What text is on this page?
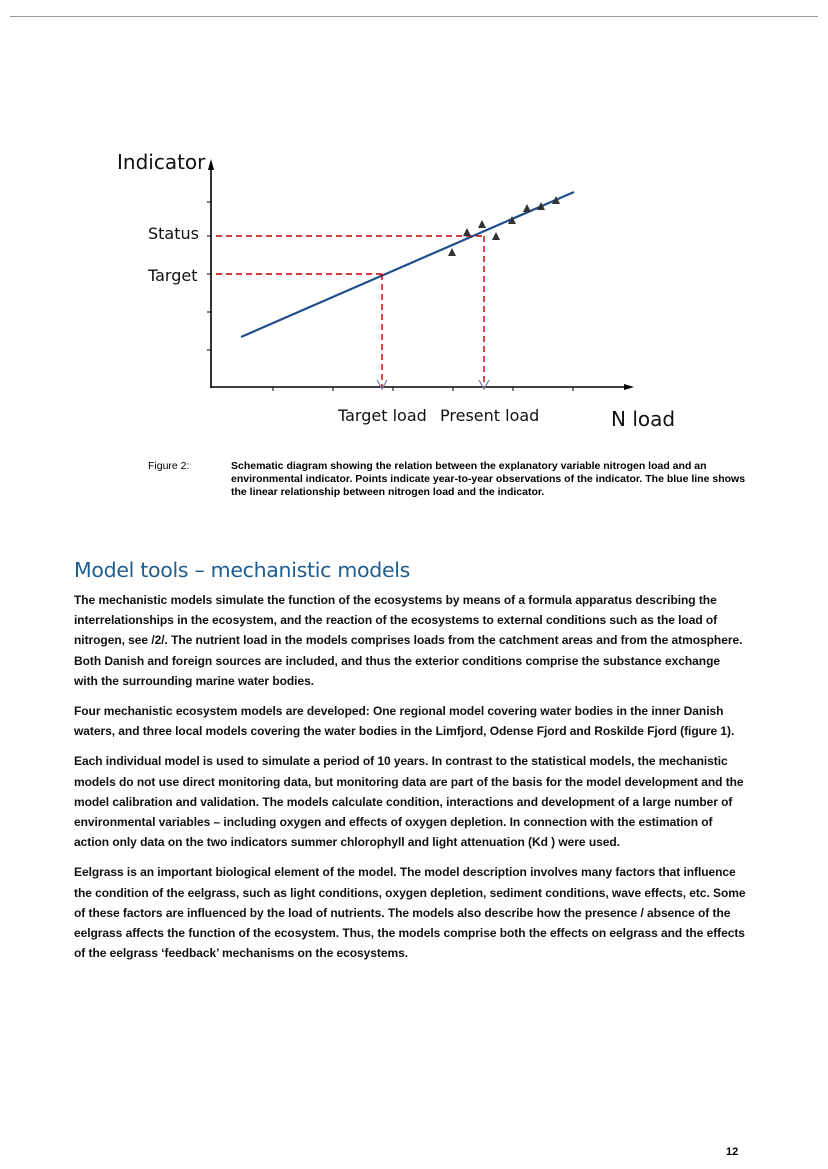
Indicator
Status
Target
Target load Present load	N load
Figure 2:	Schematic diagram showing the relation between the explanatory variable nitrogen load and an environmental indicator. Points indicate year-to-year observations of the indicator. The blue line shows the linear relationship between nitrogen load and the indicator.
Model tools – mechanistic models

The mechanistic models simulate the function of the ecosystems by means of a formula apparatus describing the interrelationships in the ecosystem, and the reaction of the ecosystems to external conditions such as the load of nitrogen, see /2/. The nutrient load in the models comprises loads from the catchment areas and from the atmosphere. Both Danish and foreign sources are included, and thus the exterior conditions comprise the substance exchange with the surrounding marine water bodies.

Four mechanistic ecosystem models are developed: One regional model covering water bodies in the inner Danish waters, and three local models covering the water bodies in the Limfjord, Odense Fjord and Roskilde Fjord (figure 1).

Each individual model is used to simulate a period of 10 years. In contrast to the statistical models, the mechanistic models do not use direct monitoring data, but monitoring data are part of the basis for the model development and the model calibration and validation. The models calculate condition, interactions and development of a large number of environmental variables – including oxygen and effects of oxygen depletion. In connection with the estimation of action only data on the two indicators summer chlorophyll and light attenuation (Kd ) were used.

Eelgrass is an important biological element of the model. The model description involves many factors that influence the condition of the eelgrass, such as light conditions, oxygen depletion, sediment conditions, wave effects, etc. Some of these factors are influenced by the load of nutrients. The models also describe how the presence / absence of the eelgrass affects the function of the ecosystem. Thus, the models comprise both the effects on eelgrass and the effects of the eelgrass ‘feedback’ mechanisms on the ecosystems.

12
